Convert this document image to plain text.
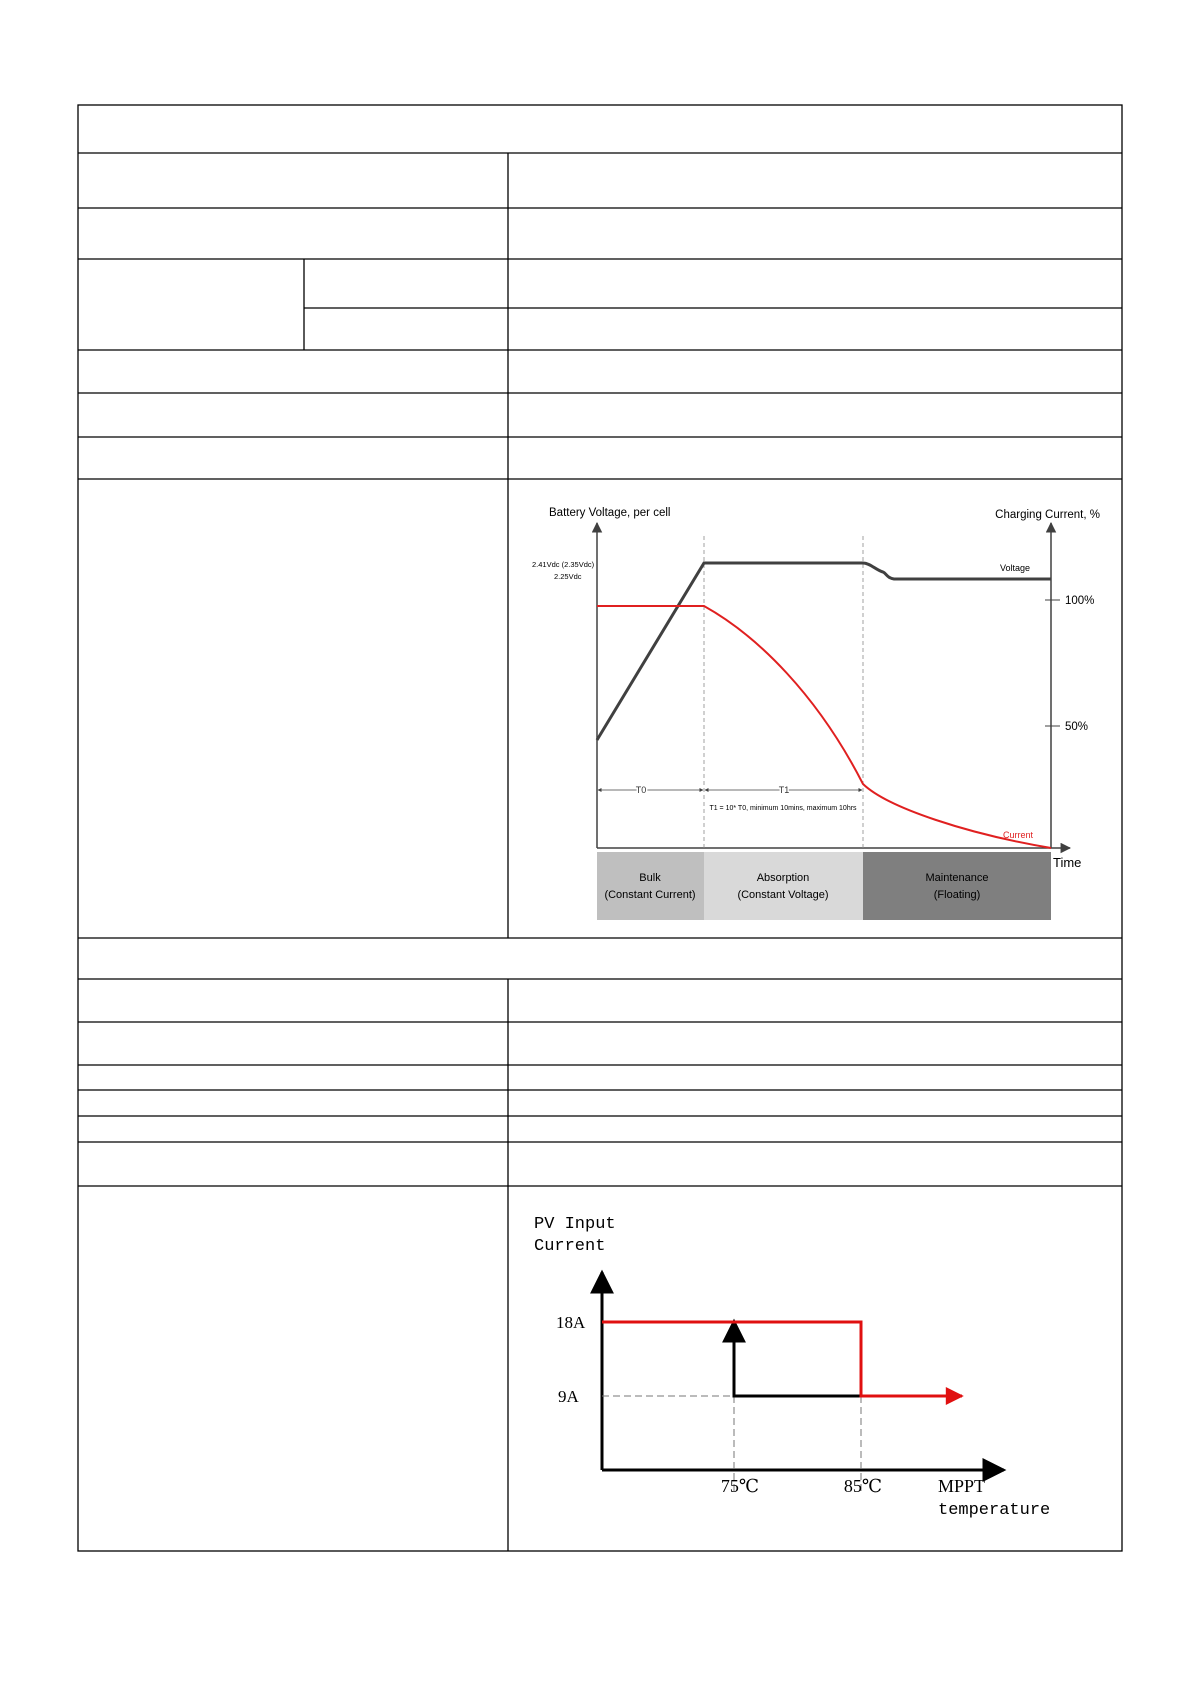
Battery Voltage, per cell	Charging Current, %
2.41Vdc (2.35Vdc)
2.25Vdc
100%
50%
Voltage
Current
T0	T1
T1 = 10* T0, minimum 10mins, maximum 10hrs
Time
Bulk
(Constant Current)
Absorption
(Constant Voltage)
Maintenance
(Floating)
PV Input
Current
18A
9A
75℃	85℃	MPPT
temperature
